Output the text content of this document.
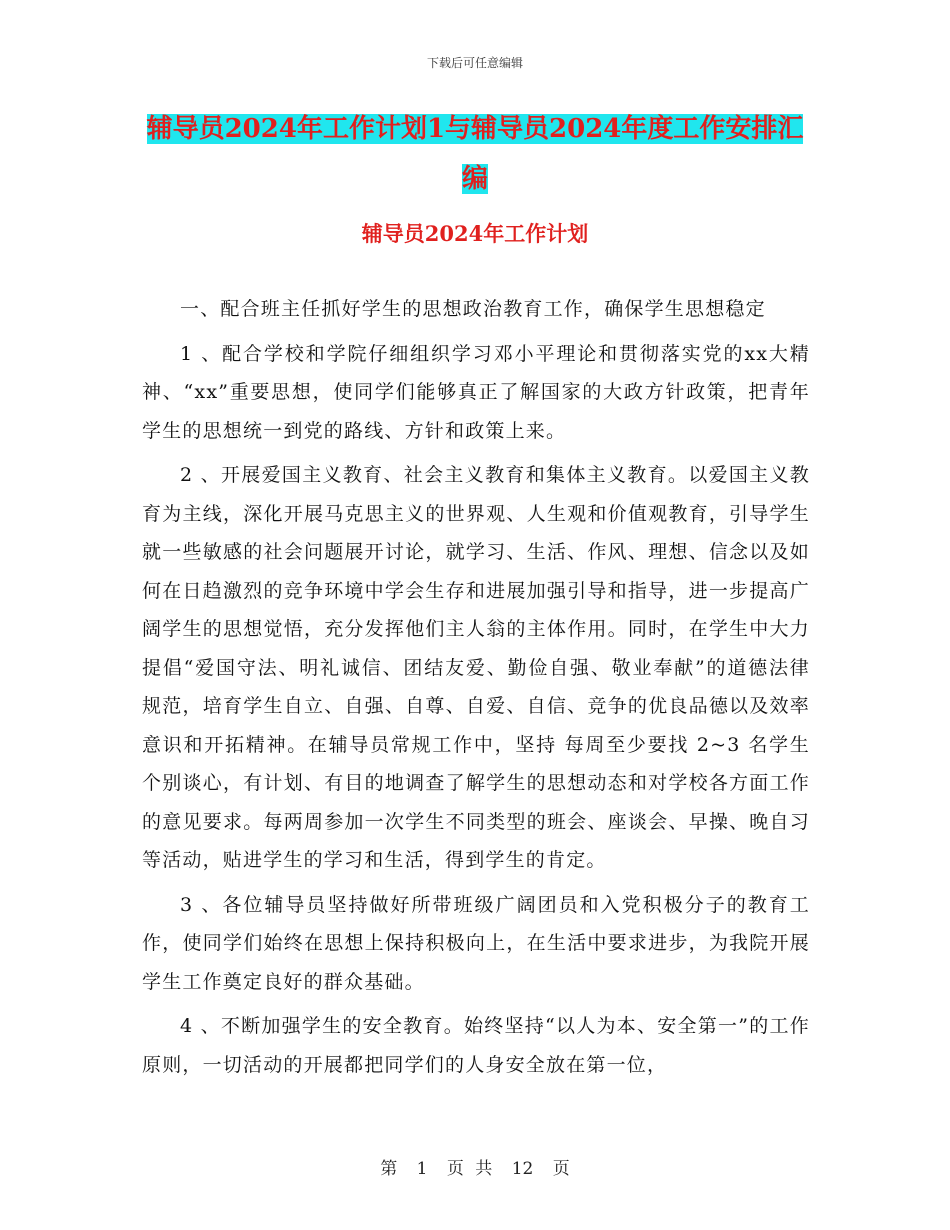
下载后可任意编辑
辅导员2024年工作计划1与辅导员2024年度工作安排汇编
辅导员2024年工作计划

一、配合班主任抓好学生的思想政治教育工作，确保学生思想稳定

1 、配合学校和学院仔细组织学习邓小平理论和贯彻落实党的xx大精神、“xx”重要思想，使同学们能够真正了解国家的大政方针政策，把青年学生的思想统一到党的路线、方针和政策上来。

2 、开展爱国主义教育、社会主义教育和集体主义教育。以爱国主义教育为主线，深化开展马克思主义的世界观、人生观和价值观教育，引导学生就一些敏感的社会问题展开讨论，就学习、生活、作风、理想、信念以及如何在日趋激烈的竞争环境中学会生存和进展加强引导和指导，进一步提高广阔学生的思想觉悟，充分发挥他们主人翁的主体作用。同时，在学生中大力提倡“爱国守法、明礼诚信、团结友爱、勤俭自强、敬业奉献”的道德法律规范，培育学生自立、自强、自尊、自爱、自信、竞争的优良品德以及效率意识和开拓精神。在辅导员常规工作中，坚持 每周至少要找 2~3 名学生个别谈心，有计划、有目的地调查了解学生的思想动态和对学校各方面工作的意见要求。每两周参加一次学生不同类型的班会、座谈会、早操、晚自习等活动，贴进学生的学习和生活，得到学生的肯定。

3 、各位辅导员坚持做好所带班级广阔团员和入党积极分子的教育工作，使同学们始终在思想上保持积极向上，在生活中要求进步，为我院开展学生工作奠定良好的群众基础。

4 、不断加强学生的安全教育。始终坚持“以人为本、安全第一”的工作原则，一切活动的开展都把同学们的人身安全放在第一位，

第 1 页 共 12 页
